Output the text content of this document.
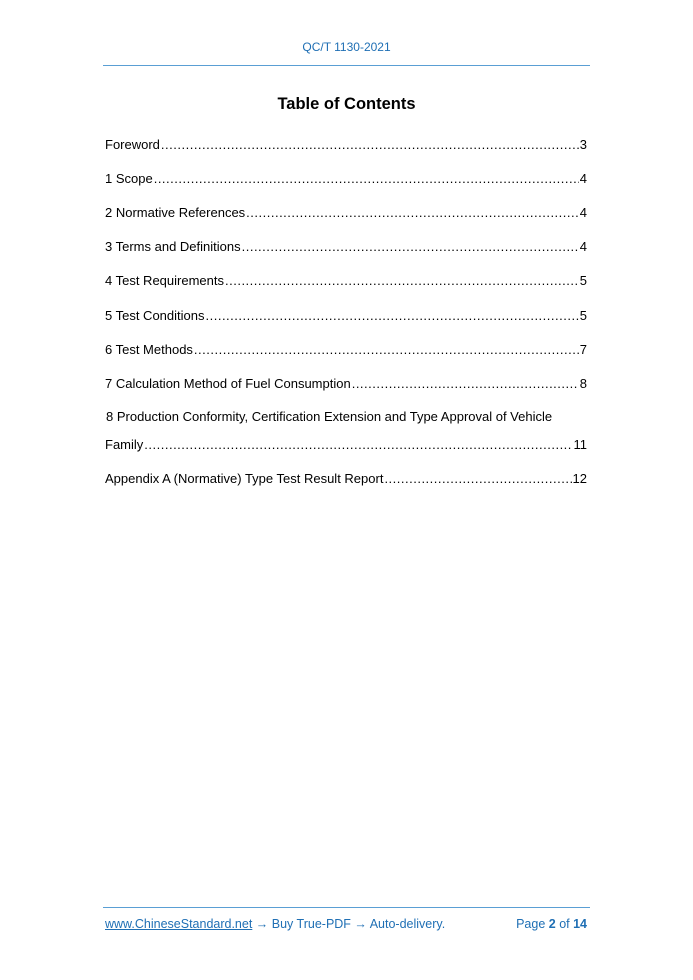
QC/T 1130-2021
Table of Contents
Foreword .....	3
1 Scope .....	4
2 Normative References .....	4
3 Terms and Definitions .....	4
4 Test Requirements .....	5
5 Test Conditions .....	5
6 Test Methods .....	7
7 Calculation Method of Fuel Consumption .....	8
8 Production Conformity, Certification Extension and Type Approval of Vehicle
Family .....	11
Appendix A (Normative) Type Test Result Report .....	12
www.ChineseStandard.net → Buy True-PDF → Auto-delivery.	Page 2 of 14
